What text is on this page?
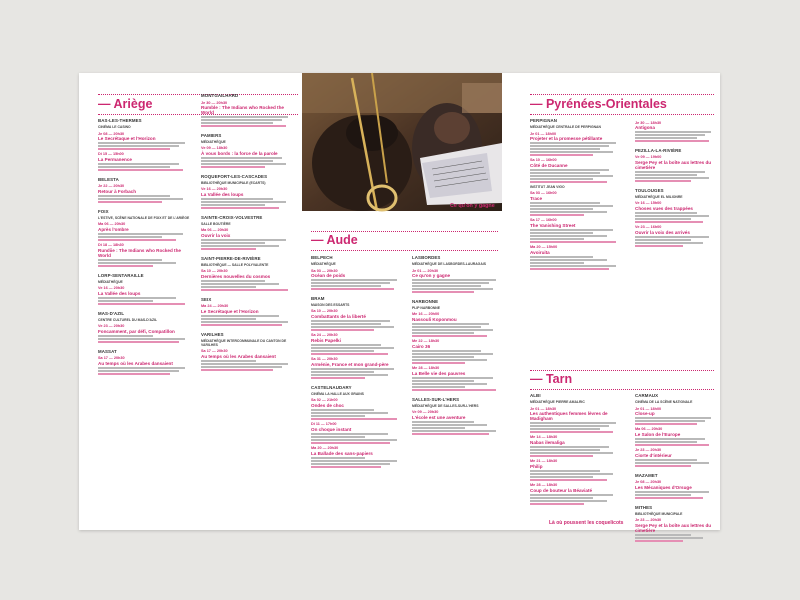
— Ariège
BAS-LES-THERMES
CINÉMA LE CASINO
Je 08 — 20h30
Le Secrétaque et l'Horizon
Di 15 — 15h00
La Permanence
BELESTA
Je 22 — 20h30
Retour à Forbach
FOIX
L'ESTIVE, SCÈNE NATIONALE DE FOIX ET DE L'ARIÈGE
Ma 06 — 20h30
Après l'ombre
Di 18 — 18h30
Rundiie : The Indians who Rocked the World
LORP-SENTARAILLE
MÉDIATHÈQUE
Ve 16 — 20h30
La Vallée des loups
MAS-D'AZIL
CENTRE CULTUREL DU MAS-D'AZIL
Ve 23 — 20h30
Foncamment, par défi, Compatillon
MASSAT
Sa 17 — 20h30
Au temps où les Arabes dansaient
MONTGAILHARD
Je 30 — 20h30
Rumble : The Indians who Rocked the World
PAMIERS
MÉDIATHÈQUE
Ve 09 — 18h30
À vous bords : la force de la parole
ROQUEFORT-LES-CASCADES
BIBLIOTHÈQUE MUNICIPALE (ECARTS)
Ve 16 — 20h30
La Vallée des loups
SAINTE-CROIX-VOLVESTRE
SALLE BOUTIÈRE
Ma 06 — 20h30
Ouvrir la voix
SAINT-PIERRE-DE-RIVIÈRE
BIBLIOTHÈQUE — SALLE POLYVALENTE
Sa 10 — 20h30
Dernières nouvelles du cosmos
SEIX
Ma 24 — 20h30
Le Secrétaque et l'Horizon
VARILHES
MÉDIATHÈQUE INTERCOMMUNALE DU CANTON DE VARILHES
Sa 17 — 20h30
Au temps où les Arabes dansaient
Ce qu'on y gagne
— Aude
BELPECH
MÉDIATHÈQUE
Sa 03 — 20h30
Océan de poids
BRAM
MAISON DES ESSARTS
Sa 10 — 20h30
Combattants de la liberté
Sa 24 — 20h30
Rebis Papelki
Sa 31 — 20h30
Arménie, France et mon grand-père
CASTELNAUDARY
CINÉMA LA HALLE AUX GRAINS
Sa 02 — 21h00
Ondes de choc
Di 11 — 17h00
On choque instant
Ma 20 — 20h30
La Ballade des sans-papiers
LASBORDES
MÉDIATHÈQUE DE LASBORDES-LAURAGAIS
Je 01 — 20h30
Ce qu'on y gagne
NARBONNE
PLIP NARBONNE
Me 16 — 20h00
Nassouli Koponmou
Me 22 — 18h30
Cairo 36
Me 28 — 18h30
La Belle vie des pauvres
SALLES-SUR-L'HERS
MÉDIATHÈQUE DE SALLES-SUR-L'HERS
Ve 09 — 20h30
L'école est une aventure
Là où poussent les coquelicots
— Pyrénées-Orientales
PERPIGNAN
MÉDIATHÈQUE CENTRALE DE PERPIGNAN
Je 01 — 18h00
Projeter et la promesse pétillante
Sa 10 — 16h00
Côté de Ducanne
INSTITUT JEAN VIGO
Sa 03 — 16h00
Trace
Sa 17 — 16h00
The Vanishing Street
Ma 20 — 15h00
Avoiruita
Je 30 — 18h30
Antigona
PEZILLA-LA-RIVIÈRE
Ve 09 — 19h00
Serge Pey et la boîte aux lettres du cimetière
TOULOUGES
MÉDIATHÈQUE EL MILIONRE
Ve 16 — 15h00
Choses vues des trappées
Ve 23 — 16h00
Ouvrir la voix des arrivés
— Tarn
ALBI
MÉDIATHÈQUE PIERRE AMALRIC
Je 01 — 18h30
Les authentiques femmes lèvres de Madigham
Me 14 — 18h30
Nabas ilemaliga
Me 21 — 18h30
Philip
Me 28 — 18h30
Coup de bouteur la Béaviaté
CARMAUX
CINÉMA DE LA SCÈNE NATIONALE
Je 01 — 18h00
Close-up
Ma 06 — 20h30
Le Salon de l'Europe
Je 23 — 20h30
Ciorte d'intérieur
MAZAMET
Je 08 — 20h30
Les Mécaniques d'Orsuge
MITHES
BIBLIOTHÈQUE MUNICIPALE
Je 23 — 20h30
Serge Pey et la boîte aux lettres du cimetière
